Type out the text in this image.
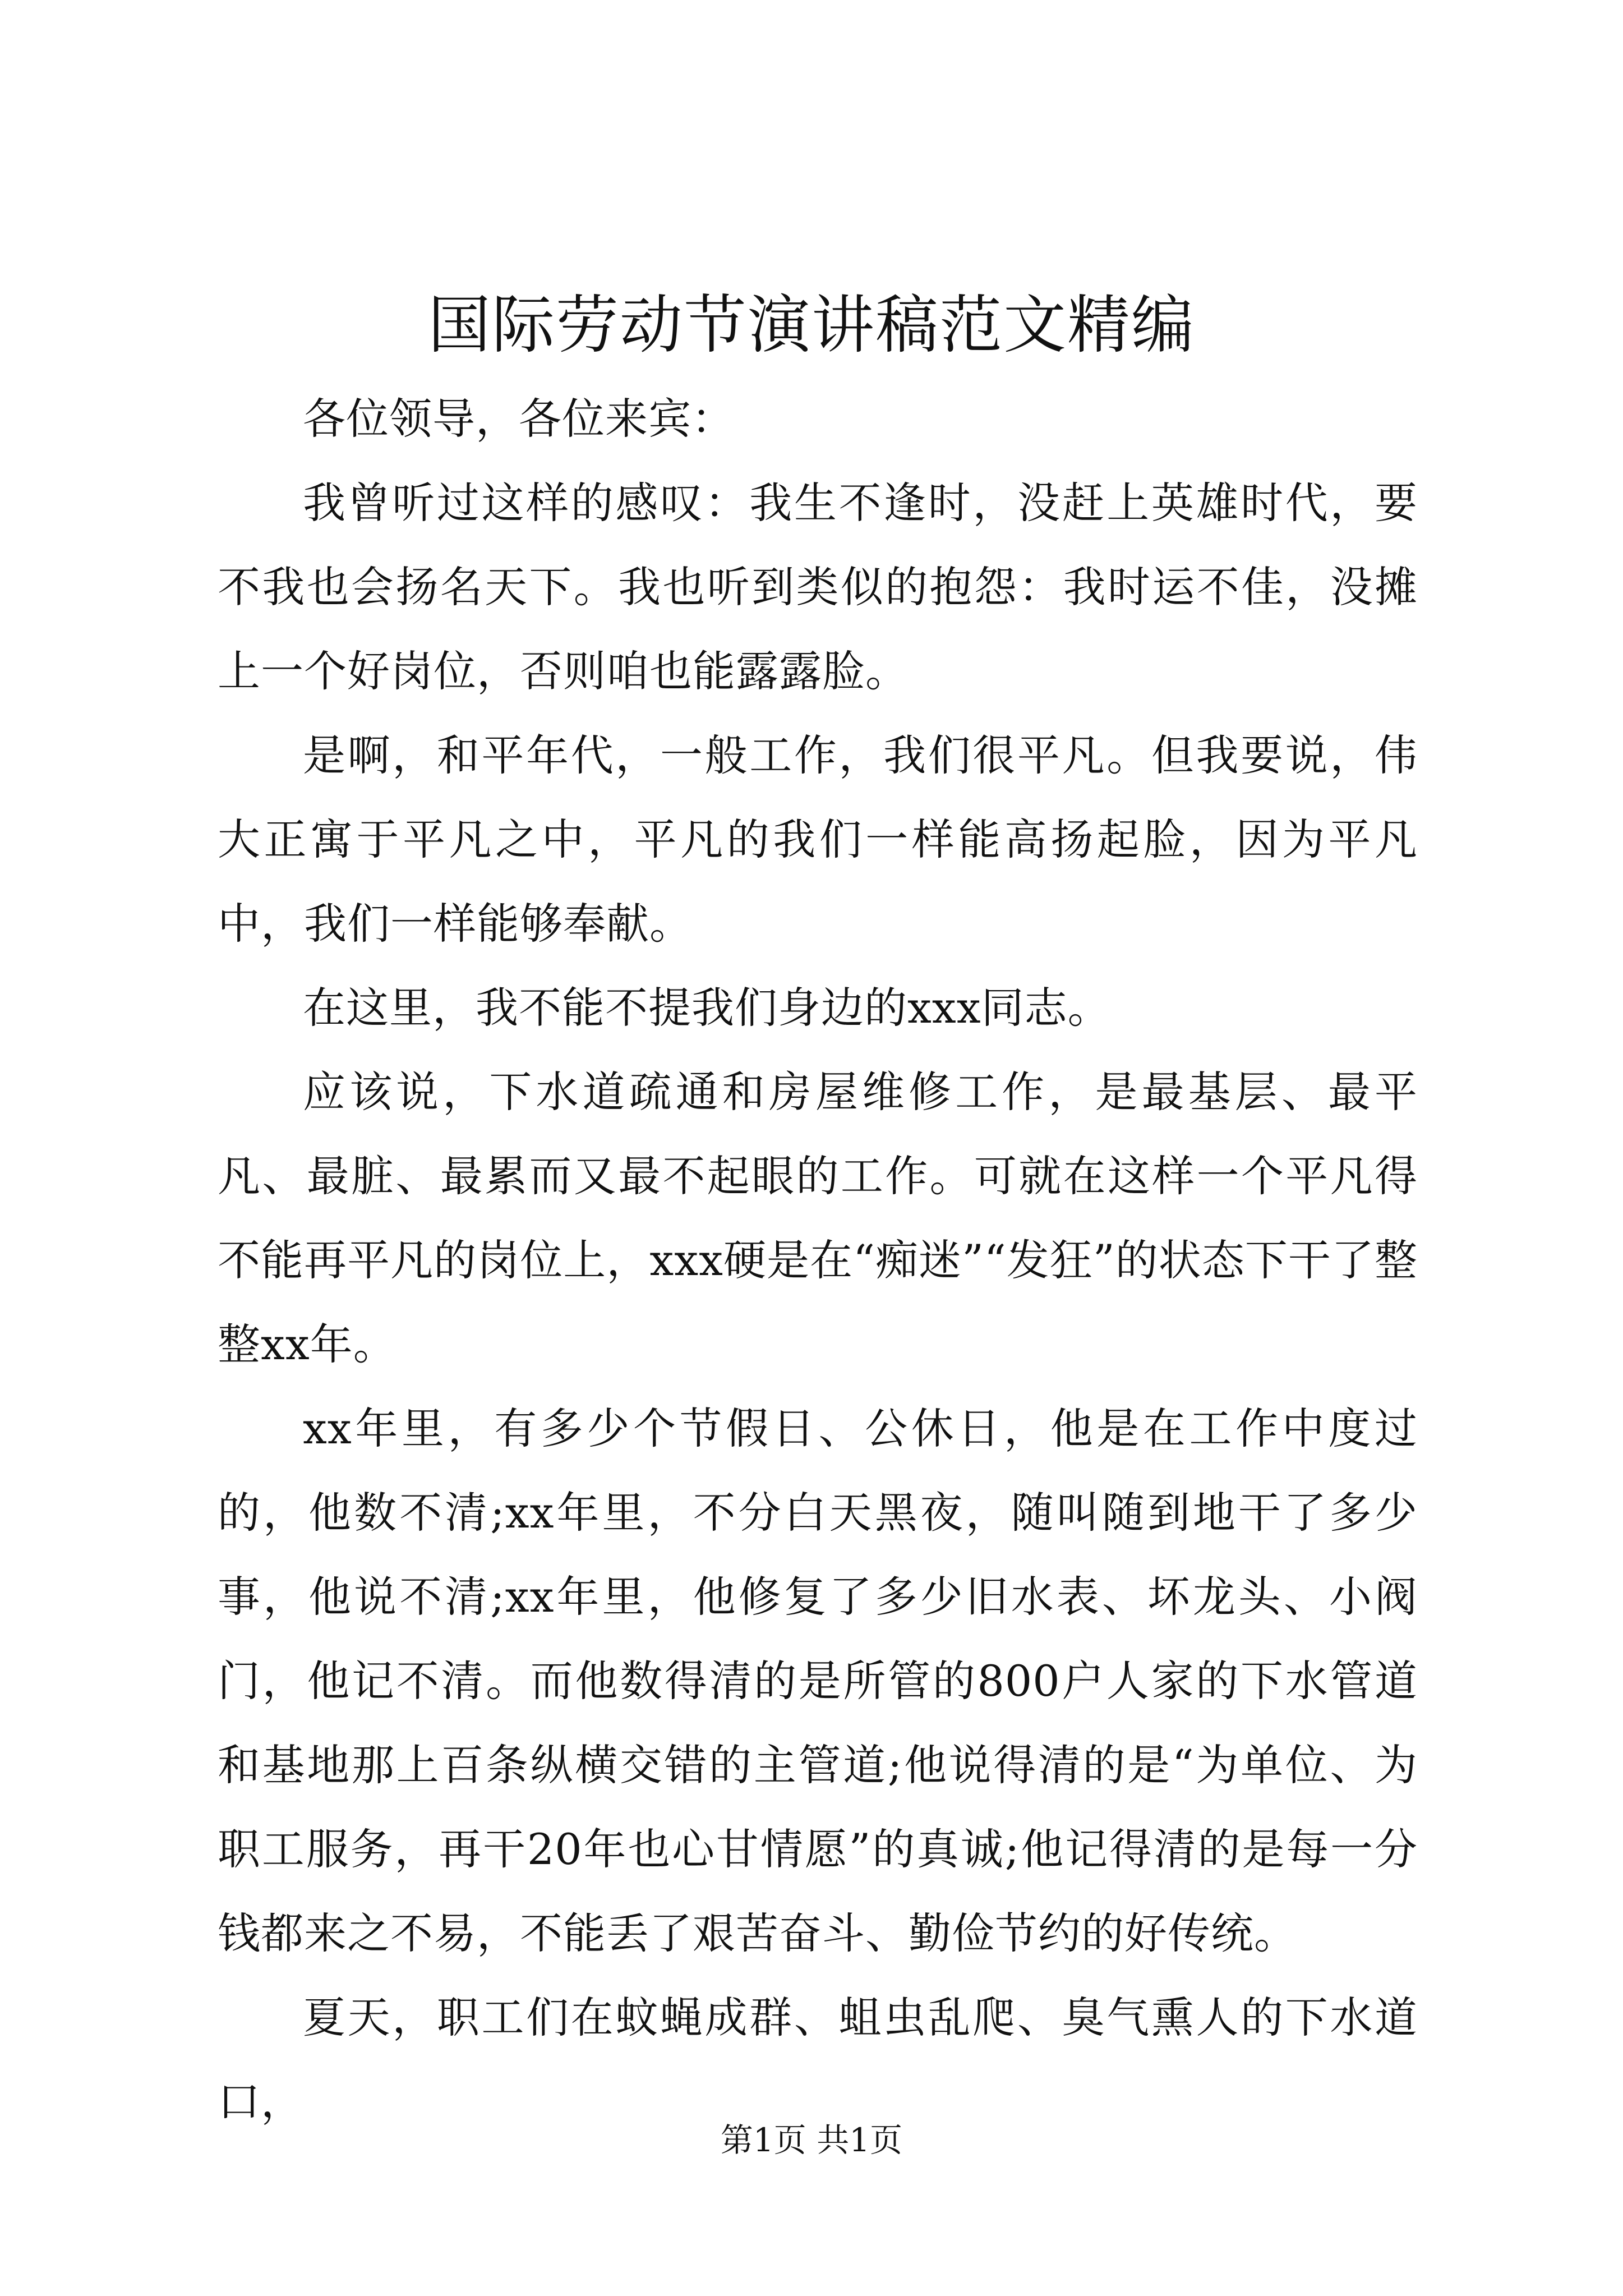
国际劳动节演讲稿范文精编

各位领导，各位来宾：

我曾听过这样的感叹：我生不逢时，没赶上英雄时代，要不我也会扬名天下。我也听到类似的抱怨：我时运不佳，没摊上一个好岗位，否则咱也能露露脸。

是啊，和平年代，一般工作，我们很平凡。但我要说，伟大正寓于平凡之中，平凡的我们一样能高扬起脸，因为平凡中，我们一样能够奉献。

在这里，我不能不提我们身边的xxx同志。

应该说，下水道疏通和房屋维修工作，是最基层、最平凡、最脏、最累而又最不起眼的工作。可就在这样一个平凡得不能再平凡的岗位上，xxx硬是在“痴迷”“发狂”的状态下干了整整xx年。

xx年里，有多少个节假日、公休日，他是在工作中度过的，他数不清;xx年里，不分白天黑夜，随叫随到地干了多少事，他说不清;xx年里，他修复了多少旧水表、坏龙头、小阀门，他记不清。而他数得清的是所管的800户人家的下水管道和基地那上百条纵横交错的主管道;他说得清的是“为单位、为职工服务，再干20年也心甘情愿”的真诚;他记得清的是每一分钱都来之不易，不能丢了艰苦奋斗、勤俭节约的好传统。

夏天，职工们在蚊蝇成群、蛆虫乱爬、臭气熏人的下水道口，

第1页 共1页
